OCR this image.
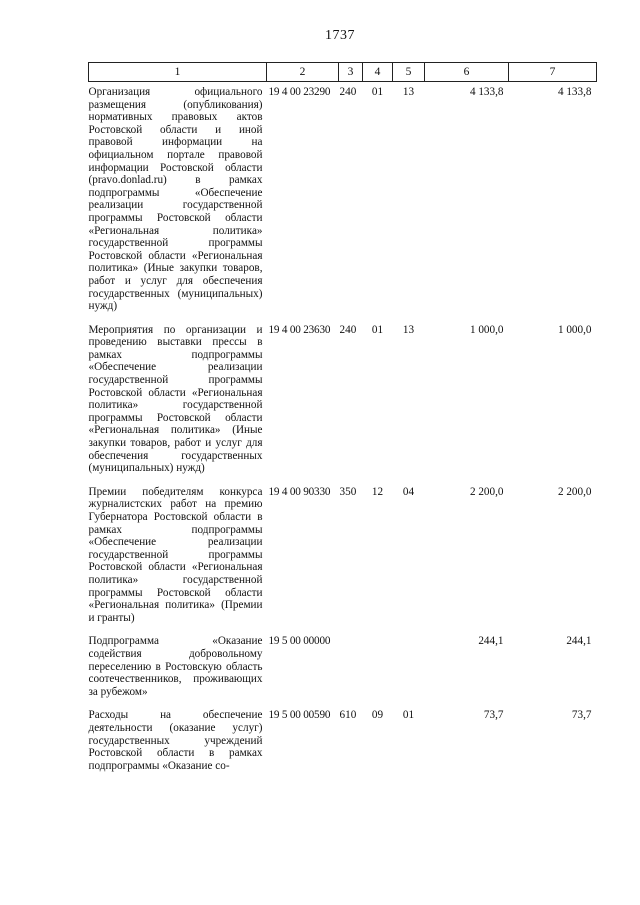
1737
1	2	3	4	5	6	7
Организация официального размещения (опубликования) нормативных правовых актов Ростовской области и иной правовой информации на официальном портале правовой информации Ростовской области (pravo.donlad.ru) в рамках подпрограммы «Обеспечение реализации государственной программы Ростовской области «Региональная политика» государственной программы Ростовской области «Региональная политика» (Иные закупки товаров, работ и услуг для обеспечения государственных (муниципальных) нужд)	19 4 00 23290	240	01	13	4 133,8	4 133,8
Мероприятия по организации и проведению выставки прессы в рамках подпрограммы «Обеспечение реализации государственной программы Ростовской области «Региональная политика» государственной программы Ростовской области «Региональная политика» (Иные закупки товаров, работ и услуг для обеспечения государственных (муниципальных) нужд)	19 4 00 23630	240	01	13	1 000,0	1 000,0
Премии победителям конкурса журналистских работ на премию Губернатора Ростовской области в рамках подпрограммы «Обеспечение реализации государственной программы Ростовской области «Региональная политика» государственной программы Ростовской области «Региональная политика» (Премии и гранты)	19 4 00 90330	350	12	04	2 200,0	2 200,0
Подпрограмма «Оказание содействия добровольному переселению в Ростовскую область соотечественников, проживающих за рубежом»	19 5 00 00000				244,1	244,1
Расходы на обеспечение деятельности (оказание услуг) государственных учреждений Ростовской области в рамках подпрограммы «Оказание со-	19 5 00 00590	610	09	01	73,7	73,7
